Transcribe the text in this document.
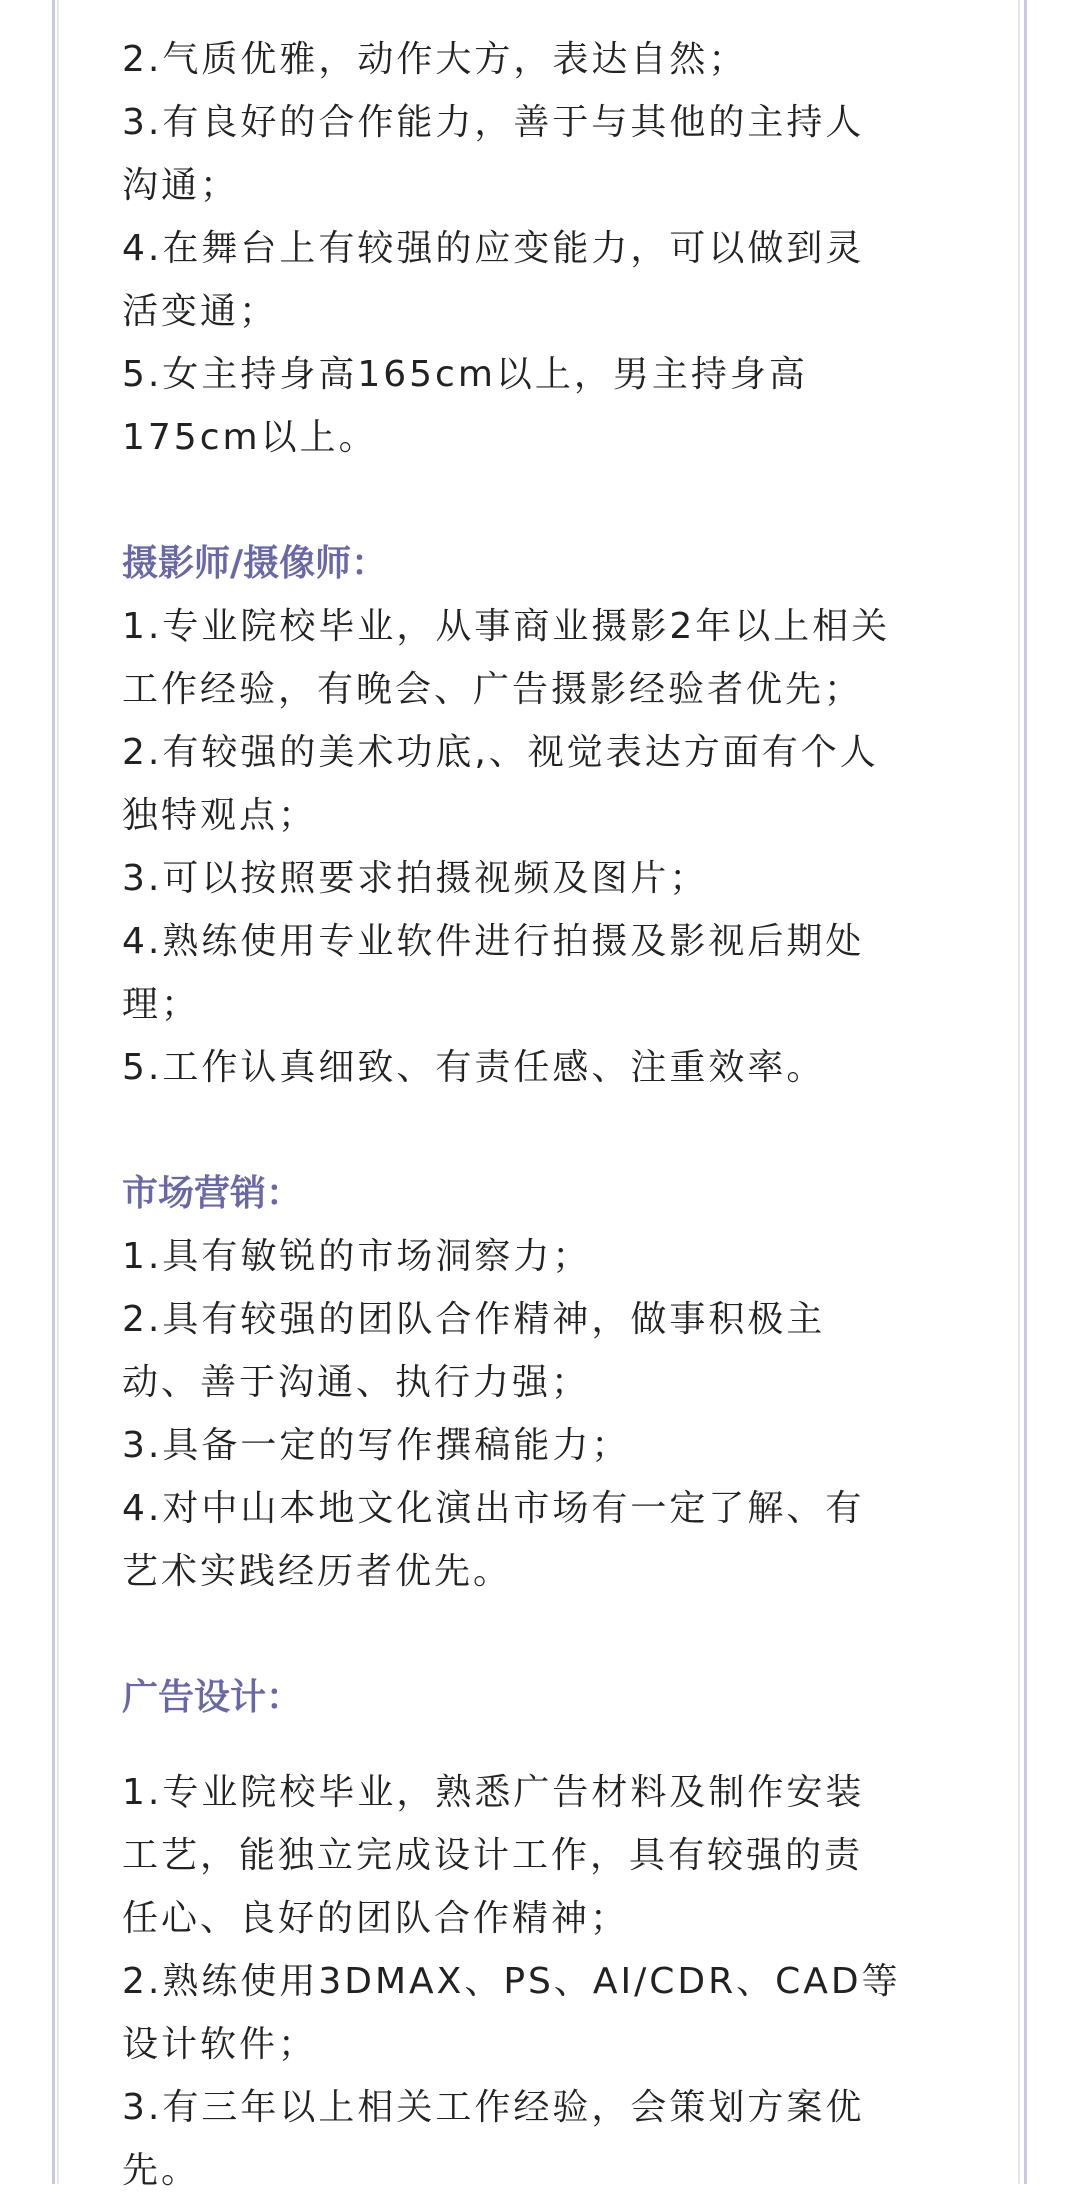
2.气质优雅，动作大方，表达自然；
3.有良好的合作能力，善于与其他的主持人
沟通；
4.在舞台上有较强的应变能力，可以做到灵
活变通；
5.女主持身高165cm以上，男主持身高
175cm以上。
摄影师/摄像师：
1.专业院校毕业，从事商业摄影2年以上相关
工作经验，有晚会、广告摄影经验者优先；
2.有较强的美术功底,、视觉表达方面有个人
独特观点；
3.可以按照要求拍摄视频及图片；
4.熟练使用专业软件进行拍摄及影视后期处
理；
5.工作认真细致、有责任感、注重效率。
市场营销：
1.具有敏锐的市场洞察力；
2.具有较强的团队合作精神，做事积极主
动、善于沟通、执行力强；
3.具备一定的写作撰稿能力；
4.对中山本地文化演出市场有一定了解、有
艺术实践经历者优先。
广告设计：
1.专业院校毕业，熟悉广告材料及制作安装
工艺，能独立完成设计工作，具有较强的责
任心、良好的团队合作精神；
2.熟练使用3DMAX、PS、AI/CDR、CAD等
设计软件；
3.有三年以上相关工作经验，会策划方案优
先。
